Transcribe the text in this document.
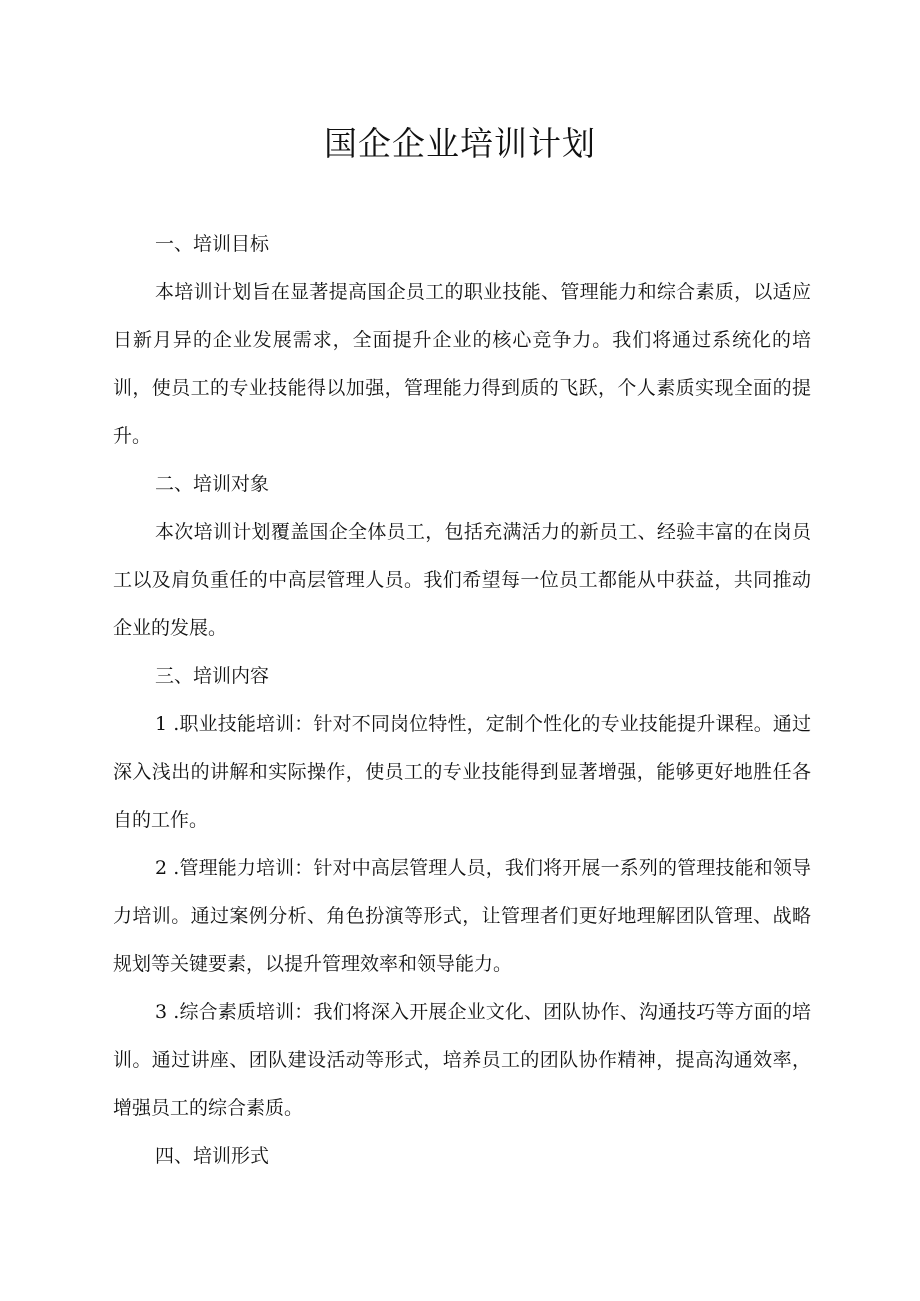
国企企业培训计划
一、培训目标

本培训计划旨在显著提高国企员工的职业技能、管理能力和综合素质，以适应日新月异的企业发展需求，全面提升企业的核心竞争力。我们将通过系统化的培训，使员工的专业技能得以加强，管理能力得到质的飞跃，个人素质实现全面的提升。

二、培训对象

本次培训计划覆盖国企全体员工，包括充满活力的新员工、经验丰富的在岗员工以及肩负重任的中高层管理人员。我们希望每一位员工都能从中获益，共同推动企业的发展。

三、培训内容

1 .职业技能培训：针对不同岗位特性，定制个性化的专业技能提升课程。通过深入浅出的讲解和实际操作，使员工的专业技能得到显著增强，能够更好地胜任各自的工作。

2 .管理能力培训：针对中高层管理人员，我们将开展一系列的管理技能和领导力培训。通过案例分析、角色扮演等形式，让管理者们更好地理解团队管理、战略规划等关键要素，以提升管理效率和领导能力。

3 .综合素质培训：我们将深入开展企业文化、团队协作、沟通技巧等方面的培训。通过讲座、团队建设活动等形式，培养员工的团队协作精神，提高沟通效率，增强员工的综合素质。

四、培训形式
